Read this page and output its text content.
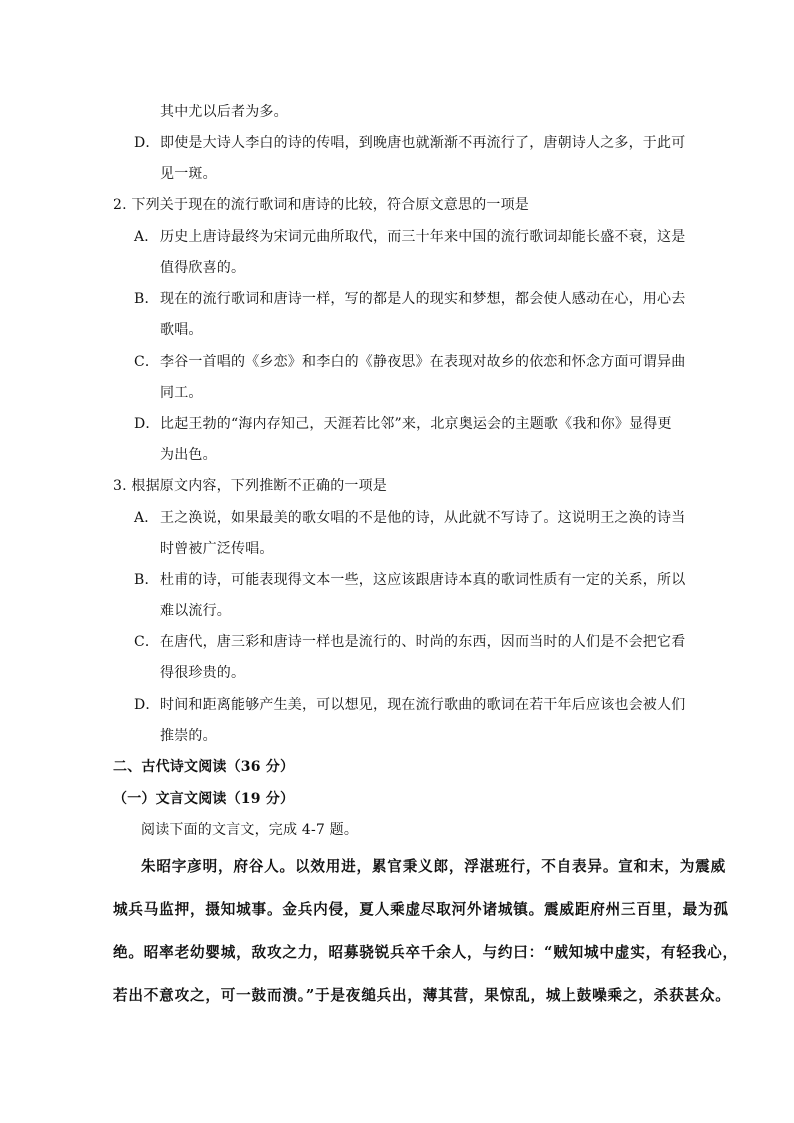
其中尤以后者为多。
D． 即使是大诗人李白的诗的传唱，到晚唐也就渐渐不再流行了，唐朝诗人之多，于此可
见一斑。
2. 下列关于现在的流行歌词和唐诗的比较，符合原文意思的一项是
A． 历史上唐诗最终为宋词元曲所取代，而三十年来中国的流行歌词却能长盛不衰，这是
值得欣喜的。
B． 现在的流行歌词和唐诗一样，写的都是人的现实和梦想，都会使人感动在心，用心去
歌唱。
C． 李谷一首唱的《乡恋》和李白的《静夜思》在表现对故乡的依恋和怀念方面可谓异曲
同工。
D． 比起王勃的“海内存知己，天涯若比邻”来，北京奥运会的主题歌《我和你》显得更
为出色。
3. 根据原文内容，下列推断不正确的一项是
A． 王之涣说，如果最美的歌女唱的不是他的诗，从此就不写诗了。这说明王之涣的诗当
时曾被广泛传唱。
B． 杜甫的诗，可能表现得文本一些，这应该跟唐诗本真的歌词性质有一定的关系，所以
难以流行。
C． 在唐代，唐三彩和唐诗一样也是流行的、时尚的东西，因而当时的人们是不会把它看
得很珍贵的。
D． 时间和距离能够产生美，可以想见，现在流行歌曲的歌词在若干年后应该也会被人们
推崇的。
二、古代诗文阅读（36 分）
（一）文言文阅读（19 分）
阅读下面的文言文，完成 4-7 题。
朱昭字彦明，府谷人。以效用进，累官秉义郎，浮湛班行，不自表异。宣和末，为震威
城兵马监押，摄知城事。金兵内侵，夏人乘虚尽取河外诸城镇。震威距府州三百里，最为孤
绝。昭率老幼婴城，敌攻之力，昭募骁锐兵卒千余人，与约曰：“贼知城中虚实，有轻我心，
若出不意攻之，可一鼓而溃。”于是夜缒兵出，薄其营，果惊乱，城上鼓噪乘之，杀获甚众。
